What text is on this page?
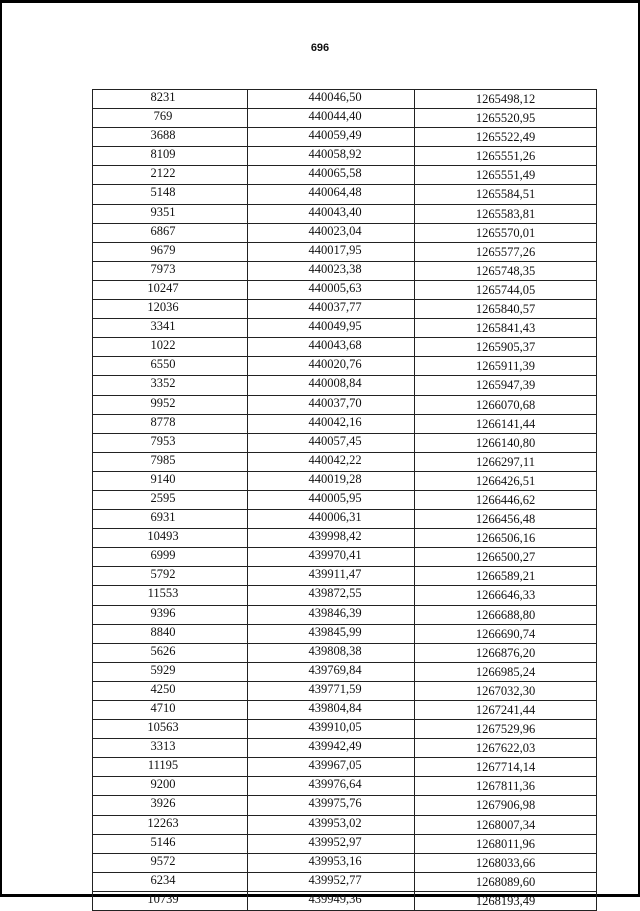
696
8231	440046,50	1265498,12
769	440044,40	1265520,95
3688	440059,49	1265522,49
8109	440058,92	1265551,26
2122	440065,58	1265551,49
5148	440064,48	1265584,51
9351	440043,40	1265583,81
6867	440023,04	1265570,01
9679	440017,95	1265577,26
7973	440023,38	1265748,35
10247	440005,63	1265744,05
12036	440037,77	1265840,57
3341	440049,95	1265841,43
1022	440043,68	1265905,37
6550	440020,76	1265911,39
3352	440008,84	1265947,39
9952	440037,70	1266070,68
8778	440042,16	1266141,44
7953	440057,45	1266140,80
7985	440042,22	1266297,11
9140	440019,28	1266426,51
2595	440005,95	1266446,62
6931	440006,31	1266456,48
10493	439998,42	1266506,16
6999	439970,41	1266500,27
5792	439911,47	1266589,21
11553	439872,55	1266646,33
9396	439846,39	1266688,80
8840	439845,99	1266690,74
5626	439808,38	1266876,20
5929	439769,84	1266985,24
4250	439771,59	1267032,30
4710	439804,84	1267241,44
10563	439910,05	1267529,96
3313	439942,49	1267622,03
11195	439967,05	1267714,14
9200	439976,64	1267811,36
3926	439975,76	1267906,98
12263	439953,02	1268007,34
5146	439952,97	1268011,96
9572	439953,16	1268033,66
6234	439952,77	1268089,60
10739	439949,36	1268193,49
